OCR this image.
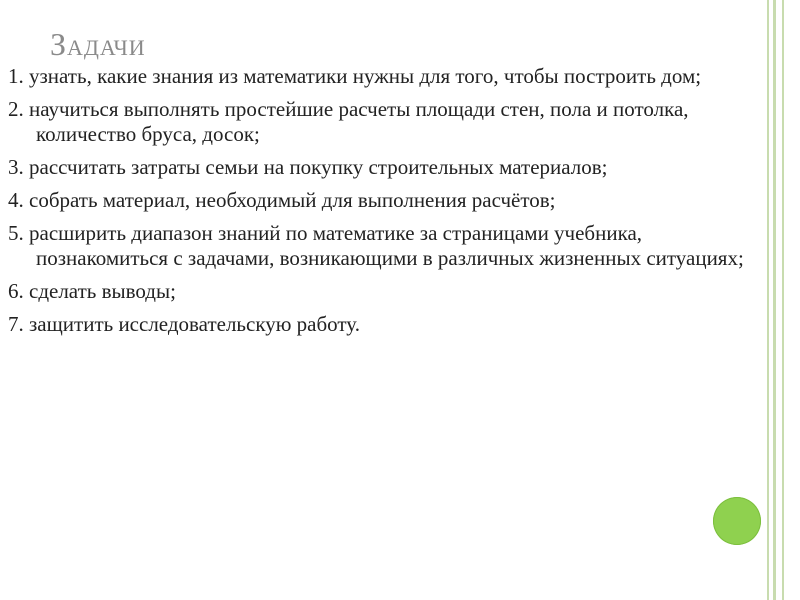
Задачи
1. узнать, какие знания из математики нужны для того, чтобы построить дом;
2. научиться выполнять простейшие расчеты площади стен, пола и потолка, количество бруса, досок;
3. рассчитать затраты семьи на покупку строительных материалов;
4. собрать материал, необходимый для выполнения расчётов;
5. расширить диапазон знаний по математике за страницами учебника, познакомиться с задачами, возникающими в различных жизненных ситуациях;
6. сделать выводы;
7. защитить исследовательскую работу.
